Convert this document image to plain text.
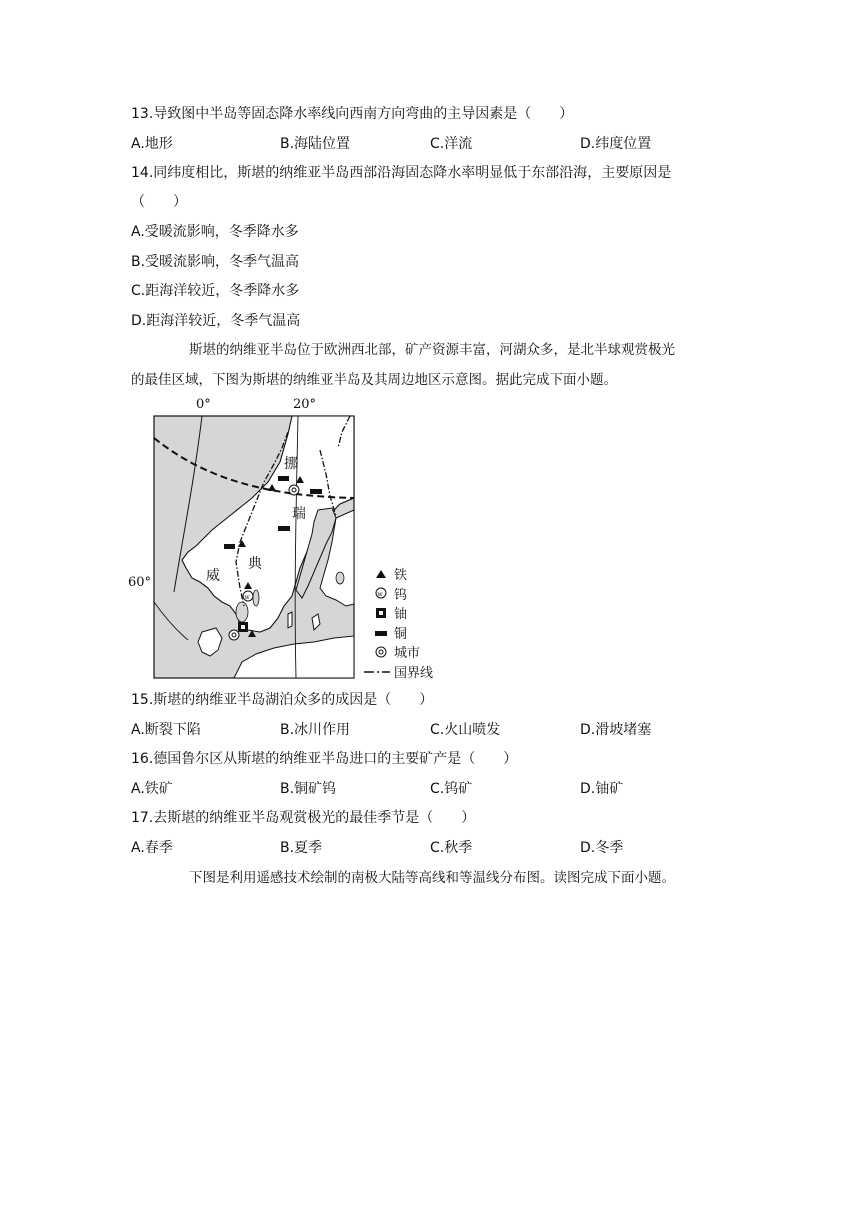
13.导致图中半岛等固态降水率线向西南方向弯曲的主导因素是（　　）
A.地形	B.海陆位置	C.洋流	D.纬度位置
14.同纬度相比，斯堪的纳维亚半岛西部沿海固态降水率明显低于东部沿海，主要原因是
（　　）
A.受暖流影响，冬季降水多
B.受暖流影响，冬季气温高
C.距海洋较近，冬季降水多
D.距海洋较近，冬季气温高
斯堪的纳维亚半岛位于欧洲西北部，矿产资源丰富，河湖众多，是北半球观赏极光
的最佳区域，下图为斯堪的纳维亚半岛及其周边地区示意图。据此完成下面小题。
0°	20°
60°
挪
瑞
威
典
w
铁
w 钨
铀
铜
城市
国界线
15.斯堪的纳维亚半岛湖泊众多的成因是（　　）
A.断裂下陷	B.冰川作用	C.火山喷发	D.滑坡堵塞
16.德国鲁尔区从斯堪的纳维亚半岛进口的主要矿产是（　　）
A.铁矿	B.铜矿钨	C.钨矿	D.铀矿
17.去斯堪的纳维亚半岛观赏极光的最佳季节是（　　）
A.春季	B.夏季	C.秋季	D.冬季
下图是利用遥感技术绘制的南极大陆等高线和等温线分布图。读图完成下面小题。
